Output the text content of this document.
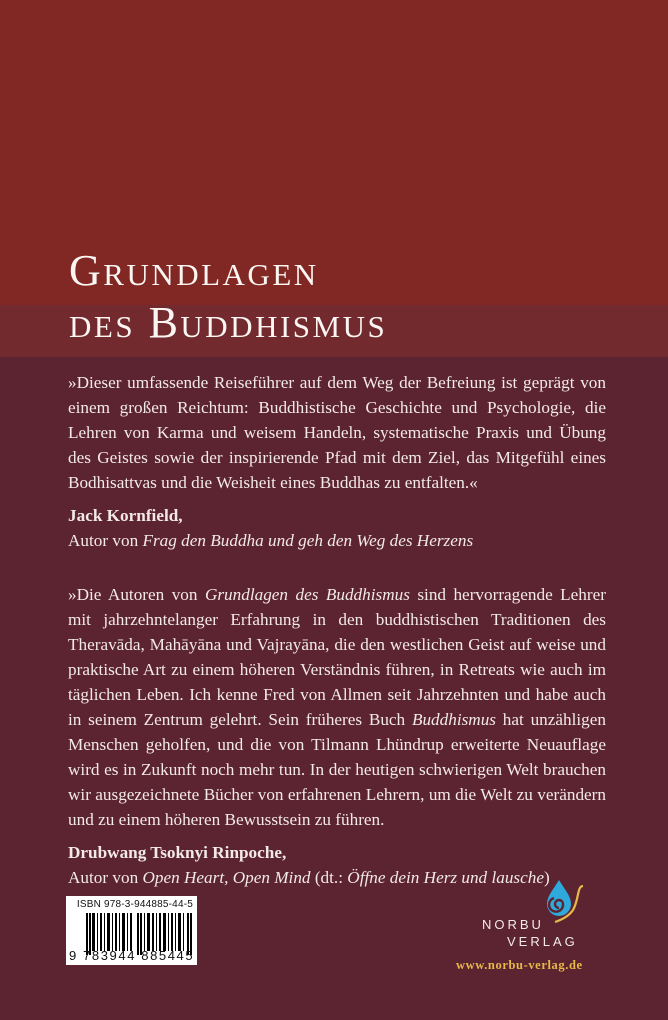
Grundlagen
des Buddhismus

»Dieser umfassende Reiseführer auf dem Weg der Befreiung ist geprägt von einem großen Reichtum: Buddhistische Geschichte und Psychologie, die Lehren von Karma und weisem Handeln, systematische Praxis und Übung des Geistes sowie der inspirierende Pfad mit dem Ziel, das Mitgefühl eines Bodhisattvas und die Weisheit eines Buddhas zu entfalten.«

Jack Kornfield,
Autor von Frag den Buddha und geh den Weg des Herzens

»Die Autoren von Grundlagen des Buddhismus sind hervorragende Lehrer mit jahrzehntelanger Erfahrung in den buddhistischen Traditionen des Theravāda, Mahāyāna und Vajrayāna, die den westlichen Geist auf weise und praktische Art zu einem höheren Verständnis führen, in Retreats wie auch im täglichen Leben. Ich kenne Fred von Allmen seit Jahrzehnten und habe auch in seinem Zentrum gelehrt. Sein früheres Buch Buddhismus hat unzähligen Menschen geholfen, und die von Tilmann Lhündrup erweiterte Neuauflage wird es in Zukunft noch mehr tun. In der heutigen schwierigen Welt brauchen wir ausgezeichnete Bücher von erfahrenen Lehrern, um die Welt zu verändern und zu einem höheren Bewusstsein zu führen.

Drubwang Tsoknyi Rinpoche,
Autor von Open Heart, Open Mind (dt.: Öffne dein Herz und lausche)
ISBN 978-3-944885-44-5
9 783944 885445
NORBU
VERLAG
www.norbu-verlag.de
